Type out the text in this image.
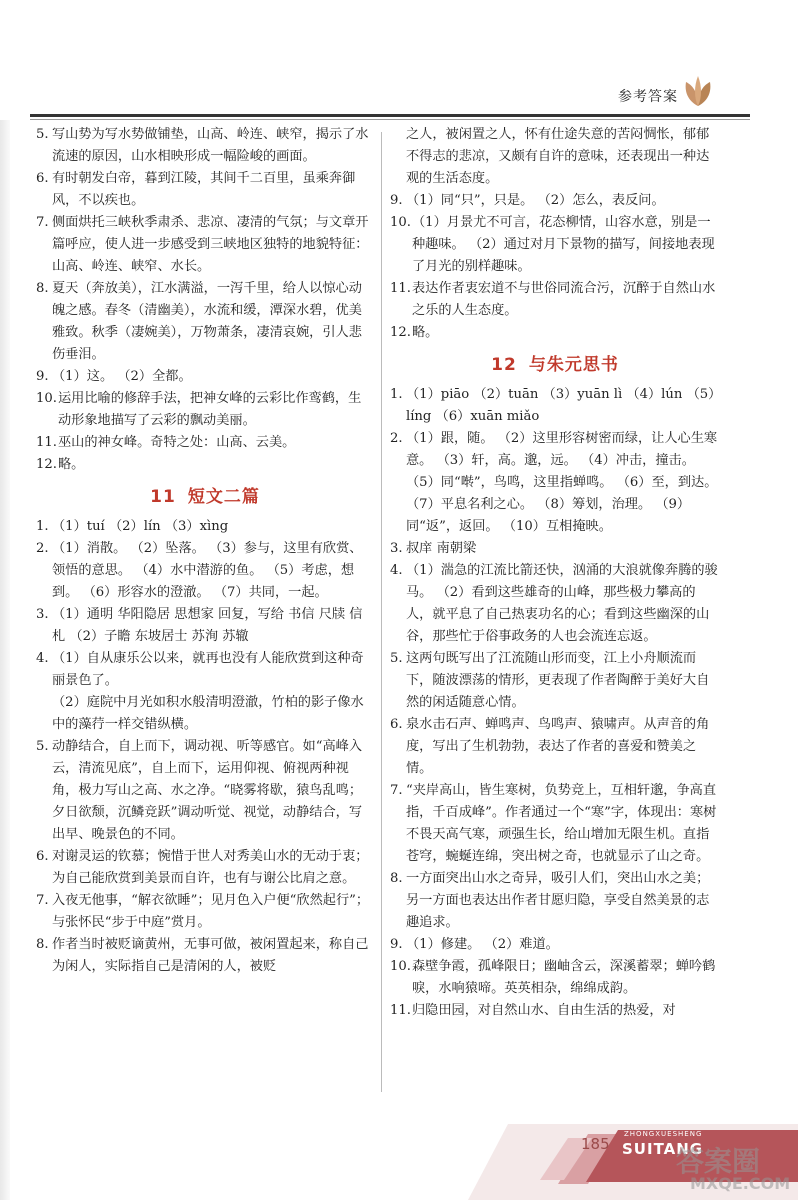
参考答案

5. 写山势为写水势做铺垫，山高、岭连、峡窄，揭示了水流速的原因，山水相映形成一幅险峻的画面。

6. 有时朝发白帝，暮到江陵，其间千二百里，虽乘奔御风，不以疾也。

7. 侧面烘托三峡秋季肃杀、悲凉、凄清的气氛；与文章开篇呼应，使人进一步感受到三峡地区独特的地貌特征：山高、岭连、峡窄、水长。

8. 夏天（奔放美），江水满溢，一泻千里，给人以惊心动魄之感。春冬（清幽美），水流和缓，潭深水碧，优美雅致。秋季（凄婉美），万物萧条，凄清哀婉，引人悲伤垂泪。

9. （1）这。 （2）全都。

10. 运用比喻的修辞手法，把神女峰的云彩比作鸾鹤，生动形象地描写了云彩的飘动美丽。

11. 巫山的神女峰。奇特之处：山高、云美。

12. 略。

11 短文二篇

1. （1）tuí （2）lín （3）xìng

2. （1）消散。 （2）坠落。 （3）参与，这里有欣赏、领悟的意思。 （4）水中潜游的鱼。 （5）考虑，想到。 （6）形容水的澄澈。 （7）共同，一起。

3. （1）通明 华阳隐居 思想家 回复，写给 书信 尺牍 信札 （2）子瞻 东坡居士 苏洵 苏辙

4. （1）自从康乐公以来，就再也没有人能欣赏到这种奇丽景色了。

（2）庭院中月光如积水般清明澄澈，竹柏的影子像水中的藻荇一样交错纵横。

5. 动静结合，自上而下，调动视、听等感官。如“高峰入云，清流见底”，自上而下，运用仰视、俯视两种视角，极力写山之高、水之净。“晓雾将歇，猿鸟乱鸣；夕日欲颓，沉鳞竞跃”调动听觉、视觉，动静结合，写出早、晚景色的不同。

6. 对谢灵运的钦慕；惋惜于世人对秀美山水的无动于衷；为自己能欣赏到美景而自许，也有与谢公比肩之意。

7. 入夜无他事，“解衣欲睡”；见月色入户便“欣然起行”；与张怀民“步于中庭”赏月。

8. 作者当时被贬谪黄州，无事可做，被闲置起来，称自己为闲人，实际指自己是清闲的人，被贬

之人，被闲置之人，怀有仕途失意的苦闷惆怅，郁郁不得志的悲凉，又颇有自许的意味，还表现出一种达观的生活态度。

9. （1）同“只”，只是。 （2）怎么，表反问。

10. （1）月景尤不可言，花态柳情，山容水意，别是一种趣味。 （2）通过对月下景物的描写，间接地表现了月光的别样趣味。

11. 表达作者衷宏道不与世俗同流合污，沉醉于自然山水之乐的人生态度。

12. 略。

12 与朱元思书

1. （1）piāo （2）tuān （3）yuān lì （4）lún （5）líng （6）xuān miǎo

2. （1）跟，随。 （2）这里形容树密而绿，让人心生寒意。 （3）轩，高。邈，远。 （4）冲击，撞击。 （5）同“啭”，鸟鸣，这里指蝉鸣。 （6）至，到达。 （7）平息名利之心。 （8）筹划，治理。 （9）同“返”，返回。 （10）互相掩映。

3. 叔庠 南朝梁

4. （1）湍急的江流比箭还快，汹涌的大浪就像奔腾的骏马。 （2）看到这些雄奇的山峰，那些极力攀高的人，就平息了自己热衷功名的心；看到这些幽深的山谷，那些忙于俗事政务的人也会流连忘返。

5. 这两句既写出了江流随山形而变，江上小舟顺流而下，随波漂荡的情形，更表现了作者陶醉于美好大自然的闲适随意心情。

6. 泉水击石声、蝉鸣声、鸟鸣声、猿啸声。从声音的角度，写出了生机勃勃，表达了作者的喜爱和赞美之情。

7. “夹岸高山，皆生寒树，负势竞上，互相轩邈，争高直指，千百成峰”。作者通过一个“寒”字，体现出：寒树不畏天高气寒，顽强生长，给山增加无限生机。直指苍穹，蜿蜒连绵，突出树之奇，也就显示了山之奇。

8. 一方面突出山水之奇异，吸引人们，突出山水之美；另一方面也表达出作者甘愿归隐，享受自然美景的志趣追求。

9. （1）修建。 （2）难道。

10. 森壁争霞，孤峰限日；幽岫含云，深溪蓄翠；蝉吟鹤唳，水响猿啼。英英相杂，绵绵成韵。

11. 归隐田园，对自然山水、自由生活的热爱，对

185
ZHONGXUESHENG
SUITANG
答案圈
MXQE.COM
